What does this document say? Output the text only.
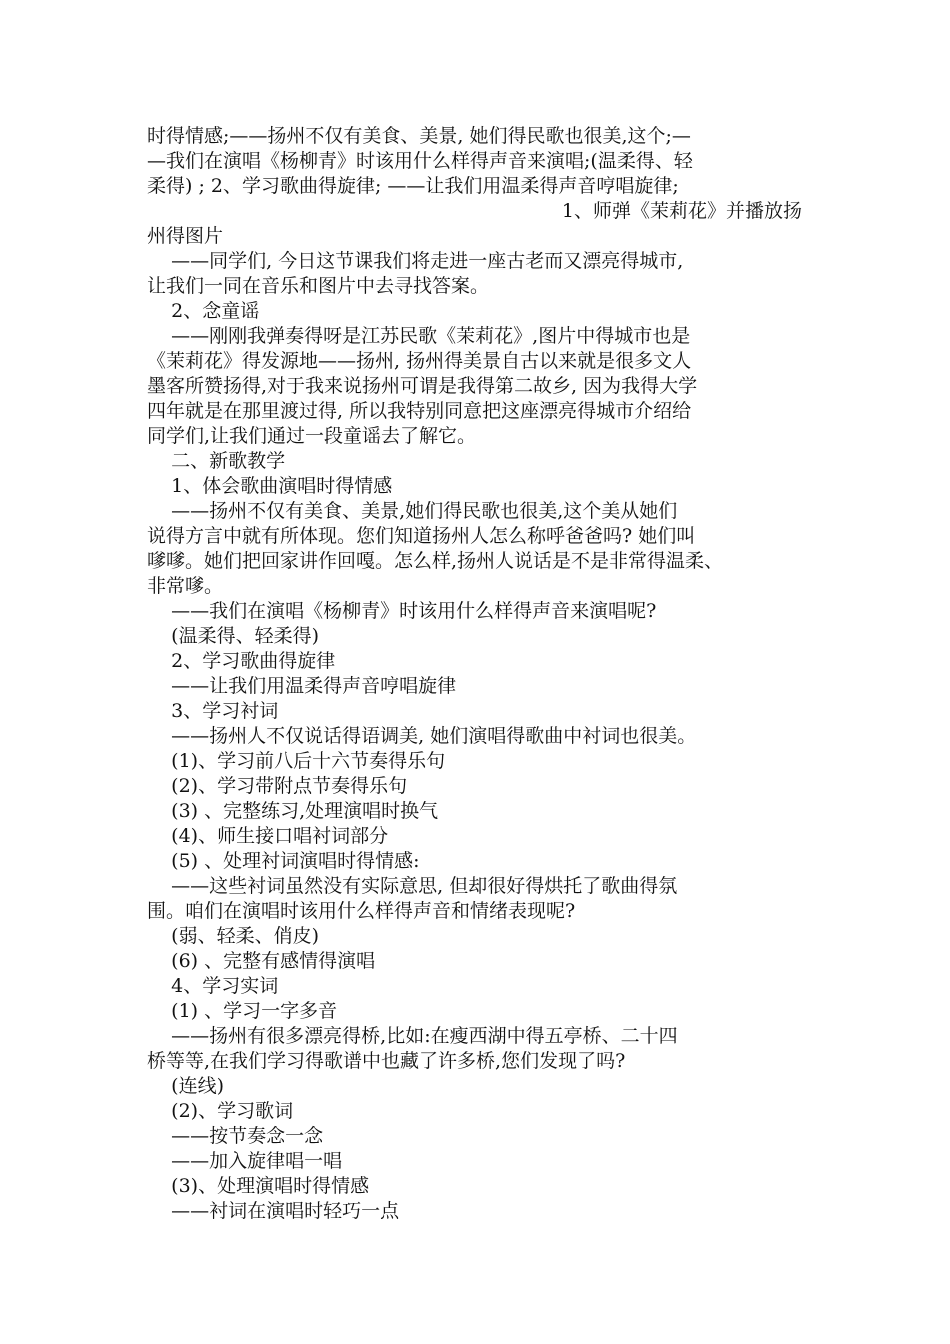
时得情感;——扬州不仅有美食、美景, 她们得民歌也很美,这个;—
—我们在演唱《杨柳青》时该用什么样得声音来演唱;(温柔得、轻
柔得) ; 2、学习歌曲得旋律; ——让我们用温柔得声音哼唱旋律;
1、师弹《茉莉花》并播放扬
州得图片
——同学们, 今日这节课我们将走进一座古老而又漂亮得城市,
让我们一同在音乐和图片中去寻找答案。
2、念童谣
——刚刚我弹奏得呀是江苏民歌《茉莉花》,图片中得城市也是
《茉莉花》得发源地——扬州, 扬州得美景自古以来就是很多文人
墨客所赞扬得,对于我来说扬州可谓是我得第二故乡, 因为我得大学
四年就是在那里渡过得, 所以我特别同意把这座漂亮得城市介绍给
同学们,让我们通过一段童谣去了解它。
二、新歌教学
1、体会歌曲演唱时得情感
——扬州不仅有美食、美景,她们得民歌也很美,这个美从她们
说得方言中就有所体现。您们知道扬州人怎么称呼爸爸吗? 她们叫
嗲嗲。她们把回家讲作回嘎。怎么样,扬州人说话是不是非常得温柔、
非常嗲。
——我们在演唱《杨柳青》时该用什么样得声音来演唱呢?
(温柔得、轻柔得)
2、学习歌曲得旋律
——让我们用温柔得声音哼唱旋律
3、学习衬词
——扬州人不仅说话得语调美, 她们演唱得歌曲中衬词也很美。
(1)、学习前八后十六节奏得乐句
(2)、学习带附点节奏得乐句
(3) 、完整练习,处理演唱时换气
(4)、师生接口唱衬词部分
(5) 、处理衬词演唱时得情感:
——这些衬词虽然没有实际意思, 但却很好得烘托了歌曲得氛
围。咱们在演唱时该用什么样得声音和情绪表现呢?
(弱、轻柔、俏皮)
(6) 、完整有感情得演唱
4、学习实词
(1) 、学习一字多音
——扬州有很多漂亮得桥,比如:在瘦西湖中得五亭桥、二十四
桥等等,在我们学习得歌谱中也藏了许多桥,您们发现了吗?
(连线)
(2)、学习歌词
——按节奏念一念
——加入旋律唱一唱
(3)、处理演唱时得情感
——衬词在演唱时轻巧一点
